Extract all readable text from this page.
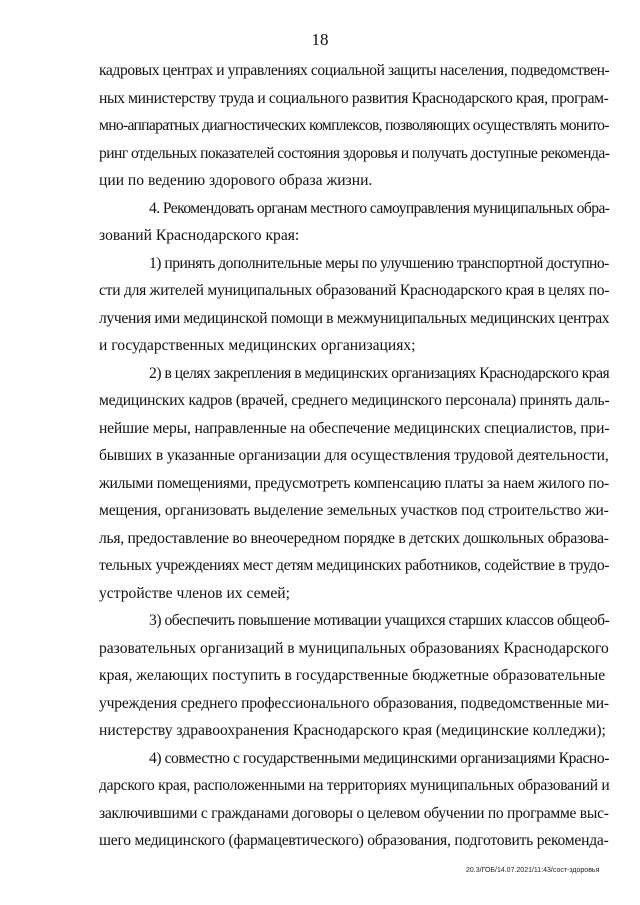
18
кадровых центрах и управлениях социальной защиты населения, подведомствен-
ных министерству труда и социального развития Краснодарского края, програм-
мно-аппаратных диагностических комплексов, позволяющих осуществлять монито-
ринг отдельных показателей состояния здоровья и получать доступные рекоменда-
ции по ведению здорового образа жизни.
4. Рекомендовать органам местного самоуправления муниципальных обра-
зований Краснодарского края:
1) принять дополнительные меры по улучшению транспортной доступно-
сти для жителей муниципальных образований Краснодарского края в целях по-
лучения ими медицинской помощи в межмуниципальных медицинских центрах
и государственных медицинских организациях;
2) в целях закрепления в медицинских организациях Краснодарского края
медицинских кадров (врачей, среднего медицинского персонала) принять даль-
нейшие меры, направленные на обеспечение медицинских специалистов, при-
бывших в указанные организации для осуществления трудовой деятельности,
жилыми помещениями, предусмотреть компенсацию платы за наем жилого по-
мещения, организовать выделение земельных участков под строительство жи-
лья, предоставление во внеочередном порядке в детских дошкольных образова-
тельных учреждениях мест детям медицинских работников, содействие в трудо-
устройстве членов их семей;
3) обеспечить повышение мотивации учащихся старших классов общеоб-
разовательных организаций в муниципальных образованиях Краснодарского
края, желающих поступить в государственные бюджетные образовательные
учреждения среднего профессионального образования, подведомственные ми-
нистерству здравоохранения Краснодарского края (медицинские колледжи);
4) совместно с государственными медицинскими организациями Красно-
дарского края, расположенными на территориях муниципальных образований и
заключившими с гражданами договоры о целевом обучении по программе выс-
шего медицинского (фармацевтического) образования, подготовить рекоменда-
20.3/ГОБ/14.07.2021/11:43/сост-здоровья
